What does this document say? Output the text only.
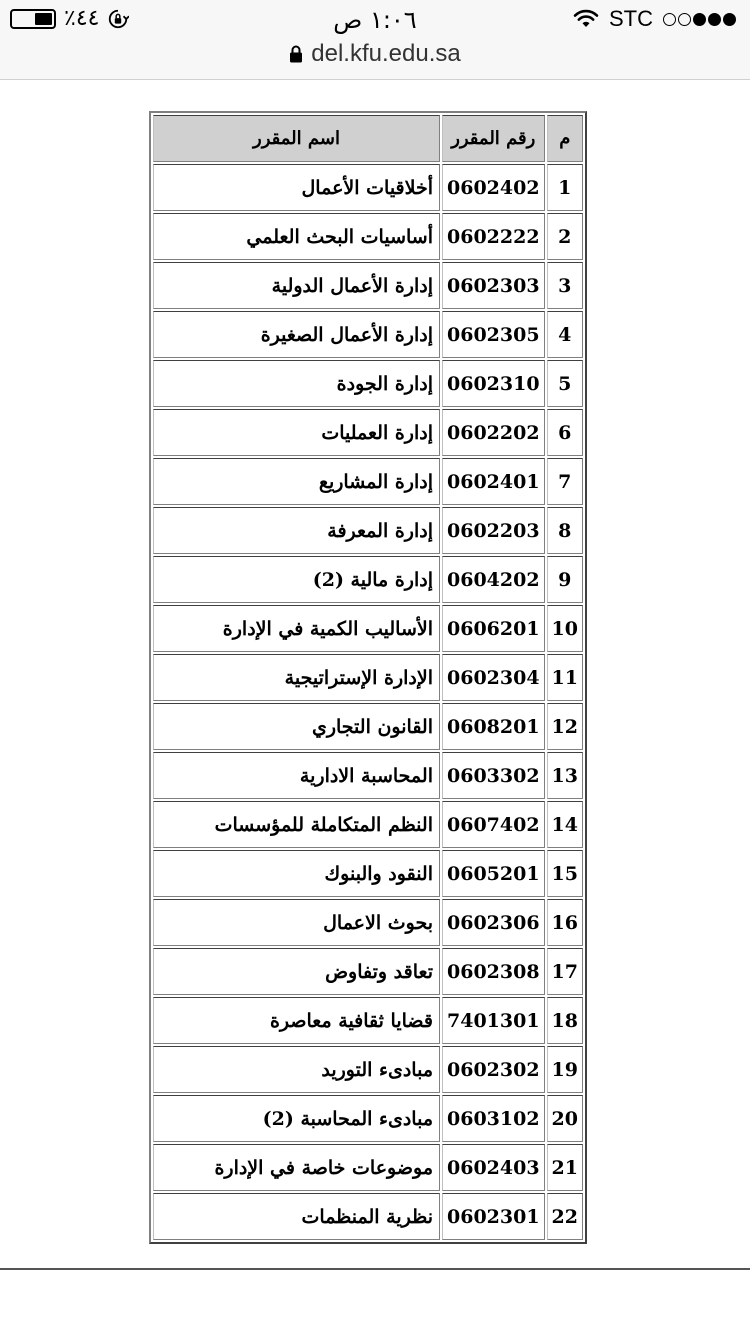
٪٤٤	١:٠٦ ص	STC
del.kfu.edu.sa
م	رقم المقرر	اسم المقرر
1	0602402	أخلاقيات الأعمال
2	0602222	أساسيات البحث العلمي
3	0602303	إدارة الأعمال الدولية
4	0602305	إدارة الأعمال الصغيرة
5	0602310	إدارة الجودة
6	0602202	إدارة العمليات
7	0602401	إدارة المشاريع
8	0602203	إدارة المعرفة
9	0604202	إدارة مالية (2)
10	0606201	الأساليب الكمية في الإدارة
11	0602304	الإدارة الإستراتيجية
12	0608201	القانون التجاري
13	0603302	المحاسبة الادارية
14	0607402	النظم المتكاملة للمؤسسات
15	0605201	النقود والبنوك
16	0602306	بحوث الاعمال
17	0602308	تعاقد وتفاوض
18	7401301	قضايا ثقافية معاصرة
19	0602302	مبادىء التوريد
20	0603102	مبادىء المحاسبة (2)
21	0602403	موضوعات خاصة في الإدارة
22	0602301	نظرية المنظمات
